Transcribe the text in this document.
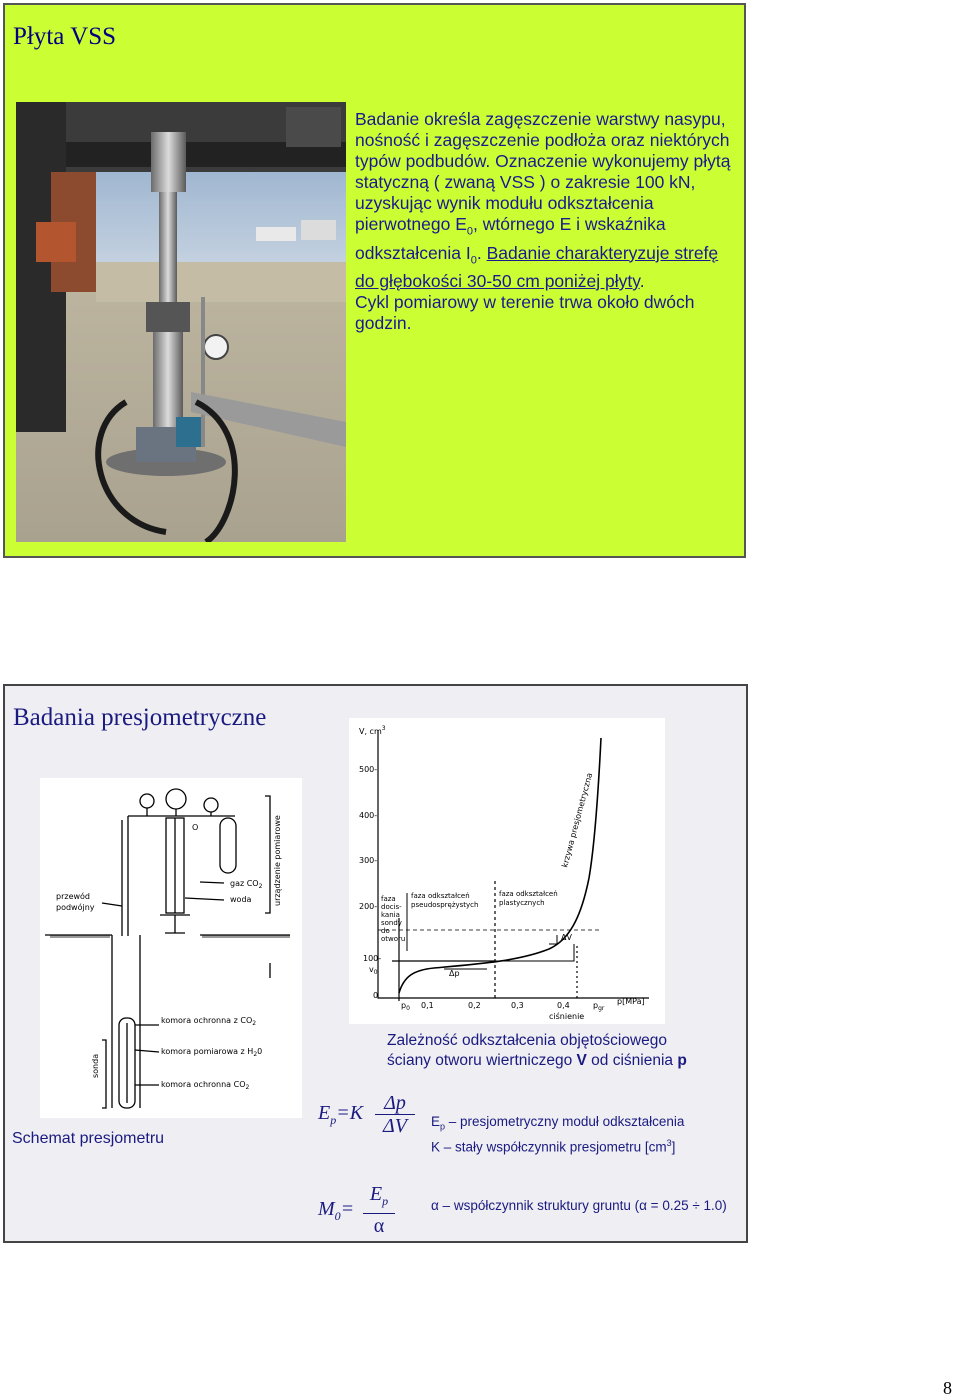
Płyta VSS

Badanie określa zagęszczenie warstwy nasypu, nośność i zagęszczenie podłoża oraz niektórych typów podbudów. Oznaczenie wykonujemy płytą statyczną ( zwaną VSS ) o zakresie 100 kN, uzyskując wynik modułu odkształcenia pierwotnego $E_0$, wtórnego E i wskaźnika odkształcenia $I_0$. Badanie charakteryzuje strefę do głębokości 30-50 cm poniżej płyty.

Cykl pomiarowy w terenie trwa około dwóch godzin.

Badania presjometryczne
O
przewód
podwójny
gaz $CO_2$
woda	urządzenie pomiarowe
komora ochronna z $CO_2$
komora pomiarowa z $H_20$
komora ochronna $CO_2$
sonda
V, $cm^3$
500-
400-
300-
200-
100-
0
0,1	0,2	0,3	0,4	p[MPa]
$p_0$	$p_{gr}$
$v_0$	Δp
ΔV
ciśnienie
krzywa presjometryczna
faza
docis-
kania
sondy
do
otworu
faza odkształceń
pseudosprężystych
faza odkształceń
plastycznych
Zależność odkształcenia objętościowego ściany otworu wiertniczego V od ciśnienia p
Schemat presjometru
$E_p=K \frac{\Delta p}{\Delta V} E_p$ – presjometryczny moduł odkształcenia
K – stały współczynnik presjometru $[cm^3]$
$M_0= \frac{E_p}{\alpha}$	α – współczynnik struktury gruntu (α = 0.25 ÷ 1.0)
8
